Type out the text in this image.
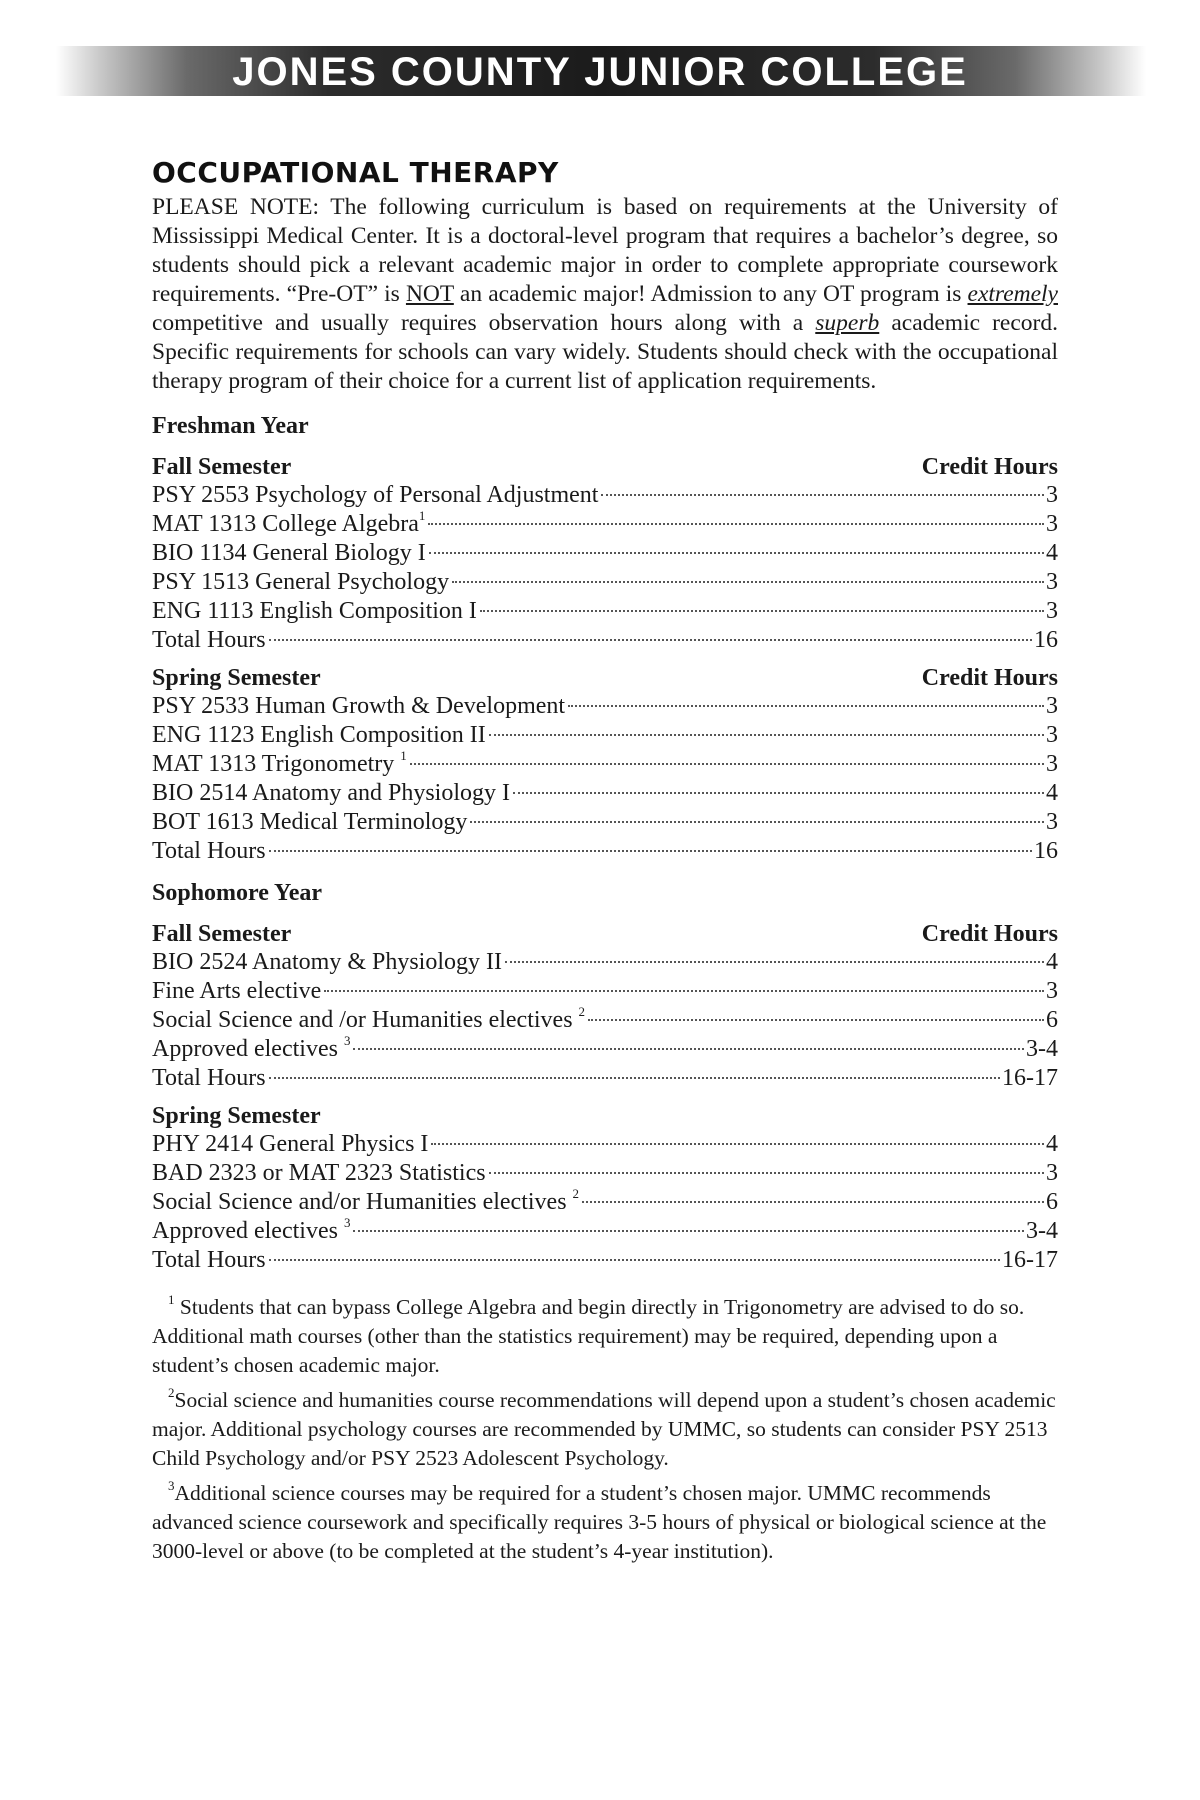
JONES COUNTY JUNIOR COLLEGE
OCCUPATIONAL THERAPY

PLEASE NOTE: The following curriculum is based on requirements at the University of Mississippi Medical Center. It is a doctoral-level program that requires a bachelor’s degree, so students should pick a relevant academic major in order to complete appropriate coursework requirements. “Pre-OT” is NOT an academic major! Admission to any OT program is extremely competitive and usually requires observation hours along with a superb academic record. Specific requirements for schools can vary widely. Students should check with the occupational therapy program of their choice for a current list of application requirements.

Freshman Year
Fall Semester	Credit Hours
PSY 2553 Psychology of Personal Adjustment	3
MAT 1313 College Algebra$^1$	3
BIO 1134 General Biology I	4
PSY 1513 General Psychology	3
ENG 1113 English Composition I	3
Total Hours	16
Spring Semester	Credit Hours
PSY 2533 Human Growth & Development	3
ENG 1123 English Composition II	3
MAT 1313 Trigonometry $^1$	3
BIO 2514 Anatomy and Physiology I	4
BOT 1613 Medical Terminology	3
Total Hours	16
Sophomore Year
Fall Semester	Credit Hours
BIO 2524 Anatomy & Physiology II	4
Fine Arts elective	3
Social Science and /or Humanities electives $^2$	6
Approved electives $^3$	3-4
Total Hours	16-17
Spring Semester
PHY 2414 General Physics I	4
BAD 2323 or MAT 2323 Statistics	3
Social Science and/or Humanities electives $^2$	6
Approved electives $^3$	3-4
Total Hours	16-17

$^1$ Students that can bypass College Algebra and begin directly in Trigonometry are advised to do so. Additional math courses (other than the statistics requirement) may be required, depending upon a student’s chosen academic major.

$^2$Social science and humanities course recommendations will depend upon a student’s chosen academic major. Additional psychology courses are recommended by UMMC, so students can consider PSY 2513 Child Psychology and/or PSY 2523 Adolescent Psychology.

$^3$Additional science courses may be required for a student’s chosen major. UMMC recommends advanced science coursework and specifically requires 3-5 hours of physical or biological science at the 3000-level or above (to be completed at the student’s 4-year institution).
